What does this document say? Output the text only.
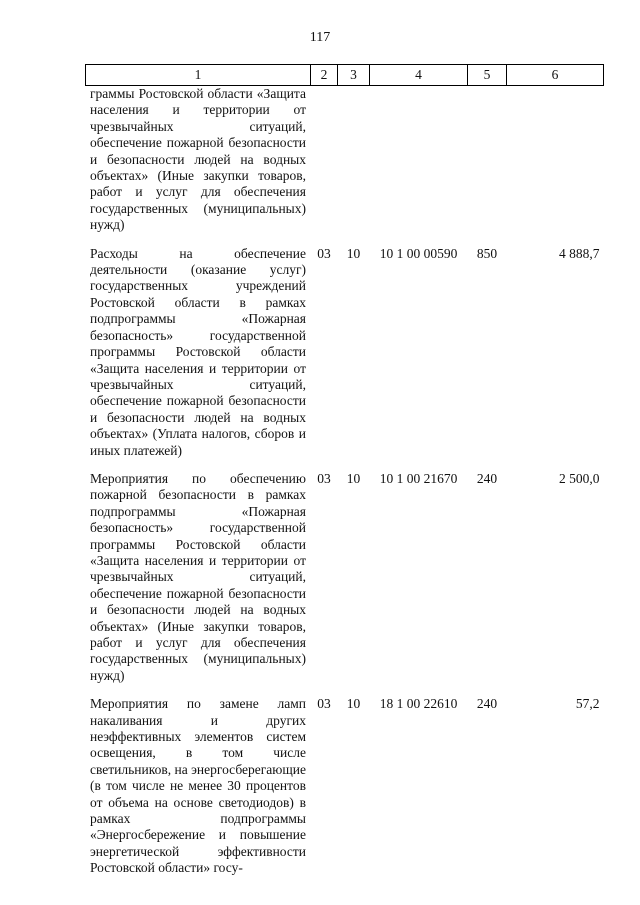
117
1	2	3	4	5	6
граммы Ростовской области «Защита населения и территории от чрезвычайных ситуаций, обеспечение пожарной безопасности и безопасности людей на водных объектах» (Иные закупки товаров, работ и услуг для обеспечения государственных (муниципальных) нужд)					
Расходы на обеспечение деятельности (оказание услуг) государственных учреждений Ростовской области в рамках подпрограммы «Пожарная безопасность» государственной программы Ростовской области «Защита населения и территории от чрезвычайных ситуаций, обеспечение пожарной безопасности и безопасности людей на водных объектах» (Уплата налогов, сборов и иных платежей)	03	10	10 1 00 00590	850	4 888,7
Мероприятия по обеспечению пожарной безопасности в рамках подпрограммы «Пожарная безопасность» государственной программы Ростовской области «Защита населения и территории от чрезвычайных ситуаций, обеспечение пожарной безопасности и безопасности людей на водных объектах» (Иные закупки товаров, работ и услуг для обеспечения государственных (муниципальных) нужд)	03	10	10 1 00 21670	240	2 500,0
Мероприятия по замене ламп накаливания и других неэффективных элементов систем освещения, в том числе светильников, на энергосберегающие (в том числе не менее 30 процентов от объема на основе светодиодов) в рамках подпрограммы «Энергосбережение и повышение энергетической эффективности Ростовской области» госу-	03	10	18 1 00 22610	240	57,2
